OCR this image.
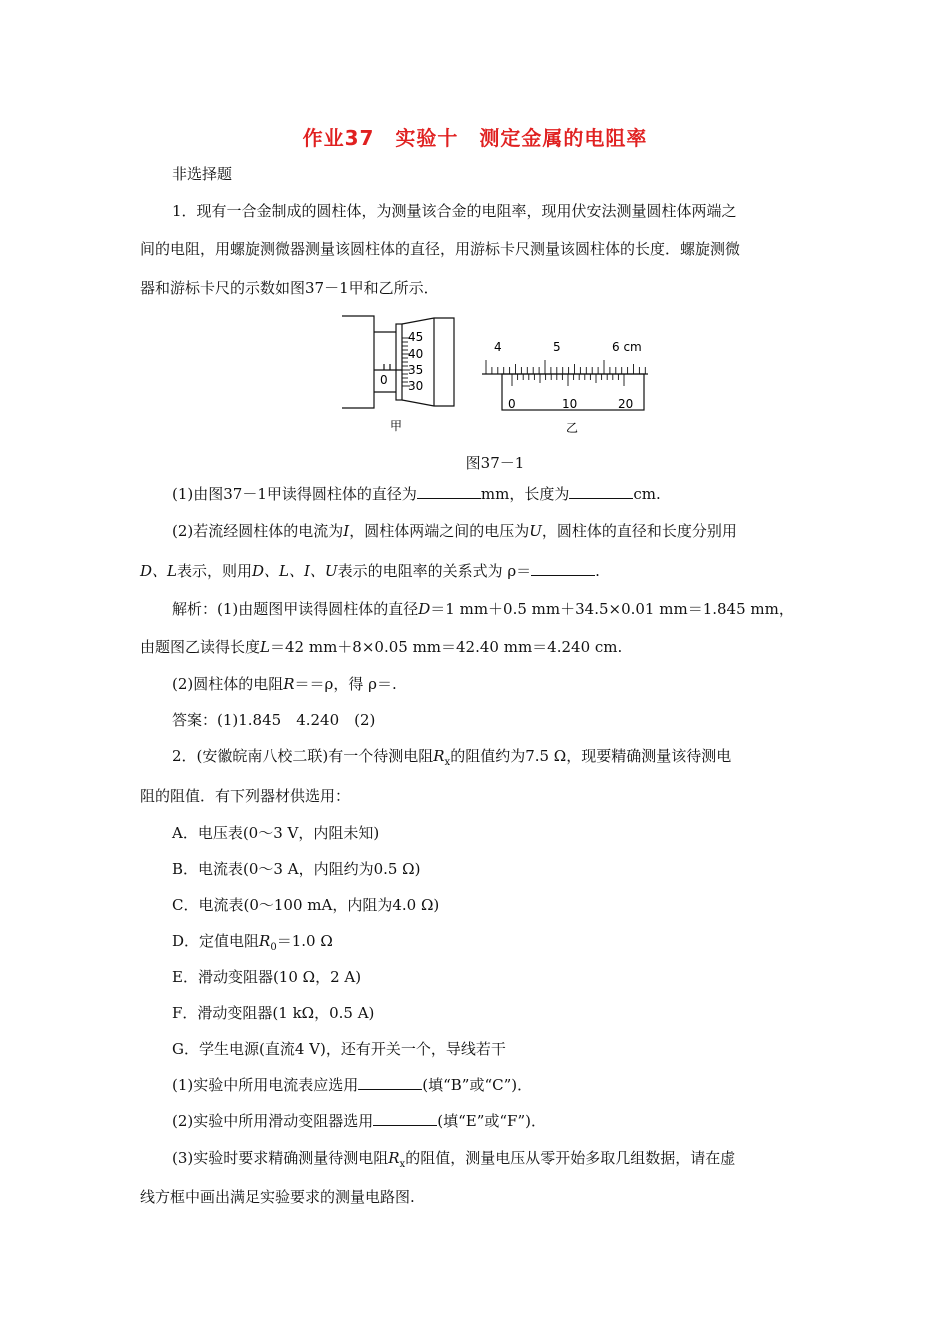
作业37　实验十　测定金属的电阻率
非选择题
1．现有一合金制成的圆柱体，为测量该合金的电阻率，现用伏安法测量圆柱体两端之
间的电阻，用螺旋测微器测量该圆柱体的直径，用游标卡尺测量该圆柱体的长度．螺旋测微
器和游标卡尺的示数如图37－1甲和乙所示．
45
40
35
30
0
甲
4	5	6 cm
0	10	20
乙
图37－1
(1)由图37－1甲读得圆柱体的直径为	mm，长度为	cm.
(2)若流经圆柱体的电流为I，圆柱体两端之间的电压为U，圆柱体的直径和长度分别用
D、L表示，则用D、L、I、U表示的电阻率的关系式为 ρ＝	.
解析：(1)由题图甲读得圆柱体的直径D＝1 mm＋0.5 mm＋34.5×0.01 mm＝1.845 mm，
由题图乙读得长度L＝42 mm＋8×0.05 mm＝42.40 mm＝4.240 cm.
(2)圆柱体的电阻R＝＝ρ，得 ρ＝.
答案：(1)1.845　4.240　(2)
2．(安徽皖南八校二联)有一个待测电阻$R_x$的阻值约为7.5 Ω，现要精确测量该待测电
阻的阻值．有下列器材供选用：
A．电压表(0～3 V，内阻未知)
B．电流表(0～3 A，内阻约为0.5 Ω)
C．电流表(0～100 mA，内阻为4.0 Ω)
D．定值电阻$R_0=1.0$ Ω
E．滑动变阻器(10 Ω，2 A)
F．滑动变阻器(1 kΩ，0.5 A)
G．学生电源(直流4 V)，还有开关一个，导线若干
(1)实验中所用电流表应选用	(填“B”或“C”)．
(2)实验中所用滑动变阻器选用	(填“E”或“F”)．
(3)实验时要求精确测量待测电阻$R_x$的阻值，测量电压从零开始多取几组数据，请在虚
线方框中画出满足实验要求的测量电路图.
